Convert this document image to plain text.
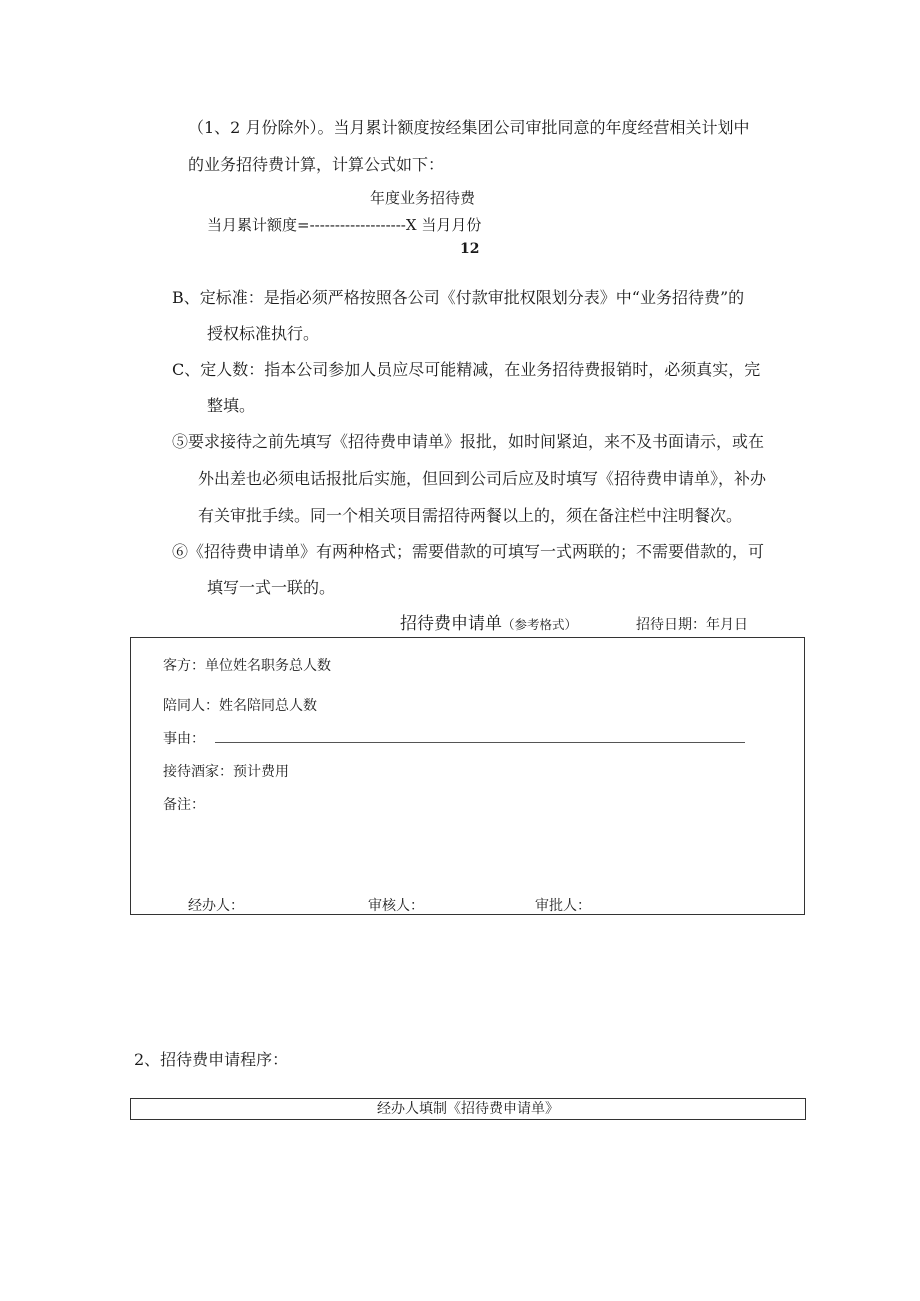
（1、2 月份除外）。当月累计额度按经集团公司审批同意的年度经营相关计划中
的业务招待费计算，计算公式如下：
年度业务招待费
当月累计额度=-------------------X 当月月份
12
B、定标准：是指必须严格按照各公司《付款审批权限划分表》中“业务招待费”的
授权标准执行。
C、定人数：指本公司参加人员应尽可能精减，在业务招待费报销时，必须真实，完
整填。
⑤要求接待之前先填写《招待费申请单》报批，如时间紧迫，来不及书面请示，或在
外出差也必须电话报批后实施，但回到公司后应及时填写《招待费申请单》，补办
有关审批手续。同一个相关项目需招待两餐以上的，须在备注栏中注明餐次。
⑥《招待费申请单》有两种格式；需要借款的可填写一式两联的；不需要借款的，可
填写一式一联的。
招待费申请单（参考格式）	招待日期：年月日
客方：单位姓名职务总人数
陪同人：姓名陪同总人数
事由：
接待酒家：预计费用
备注：
经办人：	审核人：	审批人：
2、招待费申请程序：
经办人填制《招待费申请单》
